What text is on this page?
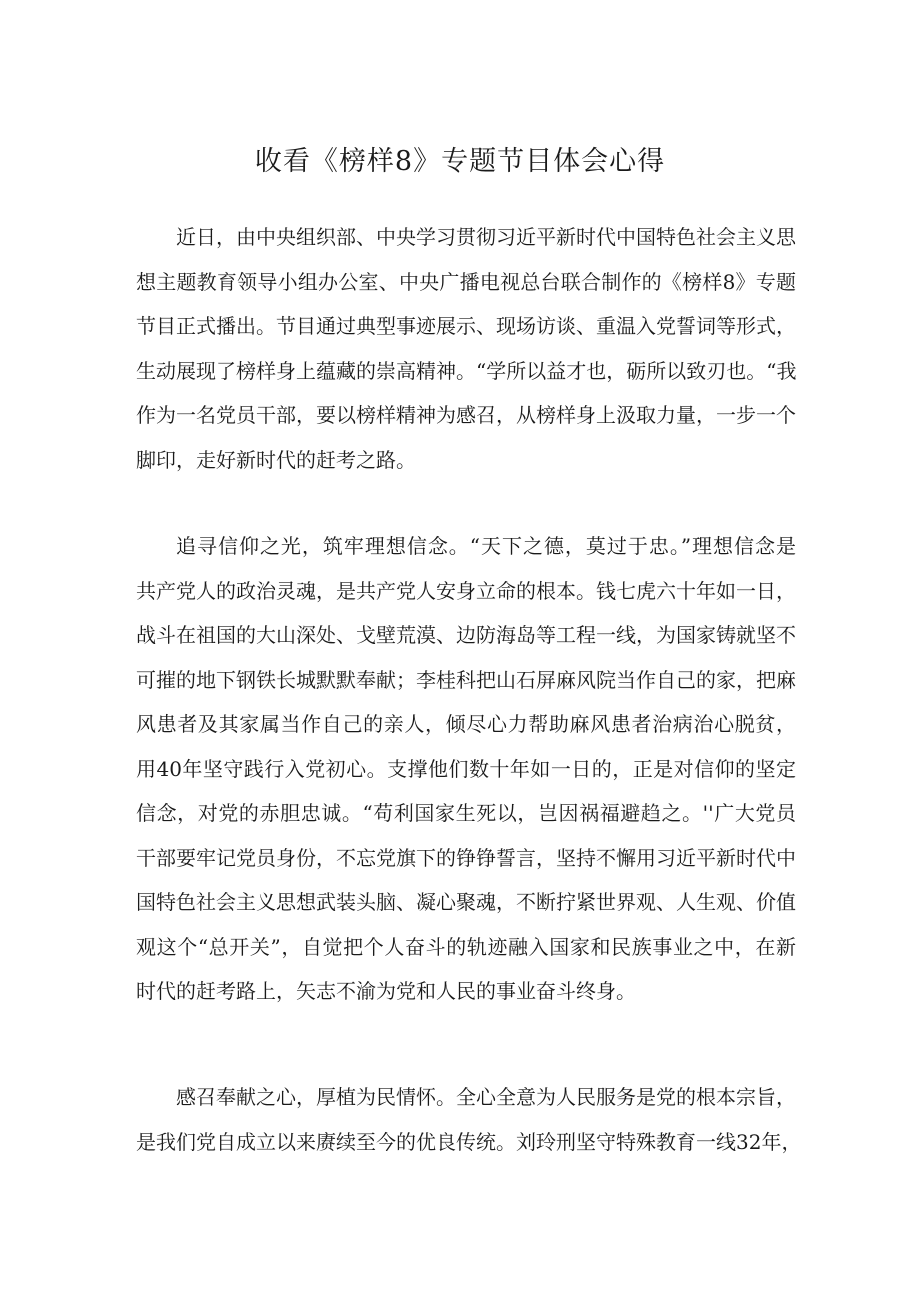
收看《榜样8》专题节目体会心得
近日，由中央组织部、中央学习贯彻习近平新时代中国特色社会主义思
想主题教育领导小组办公室、中央广播电视总台联合制作的《榜样8》专题
节目正式播出。节目通过典型事迹展示、现场访谈、重温入党誓词等形式，
生动展现了榜样身上蕴藏的崇高精神。“学所以益才也，砺所以致刃也。“我
作为一名党员干部，要以榜样精神为感召，从榜样身上汲取力量，一步一个
脚印，走好新时代的赶考之路。
追寻信仰之光，筑牢理想信念。“天下之德，莫过于忠。”理想信念是
共产党人的政治灵魂，是共产党人安身立命的根本。钱七虎六十年如一日，
战斗在祖国的大山深处、戈壁荒漠、边防海岛等工程一线，为国家铸就坚不
可摧的地下钢铁长城默默奉献；李桂科把山石屏麻风院当作自己的家，把麻
风患者及其家属当作自己的亲人，倾尽心力帮助麻风患者治病治心脱贫，
用40年坚守践行入党初心。支撑他们数十年如一日的，正是对信仰的坚定
信念，对党的赤胆忠诚。“苟利国家生死以，岂因祸福避趋之。''广大党员
干部要牢记党员身份，不忘党旗下的铮铮誓言，坚持不懈用习近平新时代中
国特色社会主义思想武装头脑、凝心聚魂，不断拧紧世界观、人生观、价值
观这个“总开关”，自觉把个人奋斗的轨迹融入国家和民族事业之中，在新
时代的赶考路上，矢志不渝为党和人民的事业奋斗终身。
感召奉献之心，厚植为民情怀。全心全意为人民服务是党的根本宗旨，
是我们党自成立以来赓续至今的优良传统。刘玲刑坚守特殊教育一线32年，
